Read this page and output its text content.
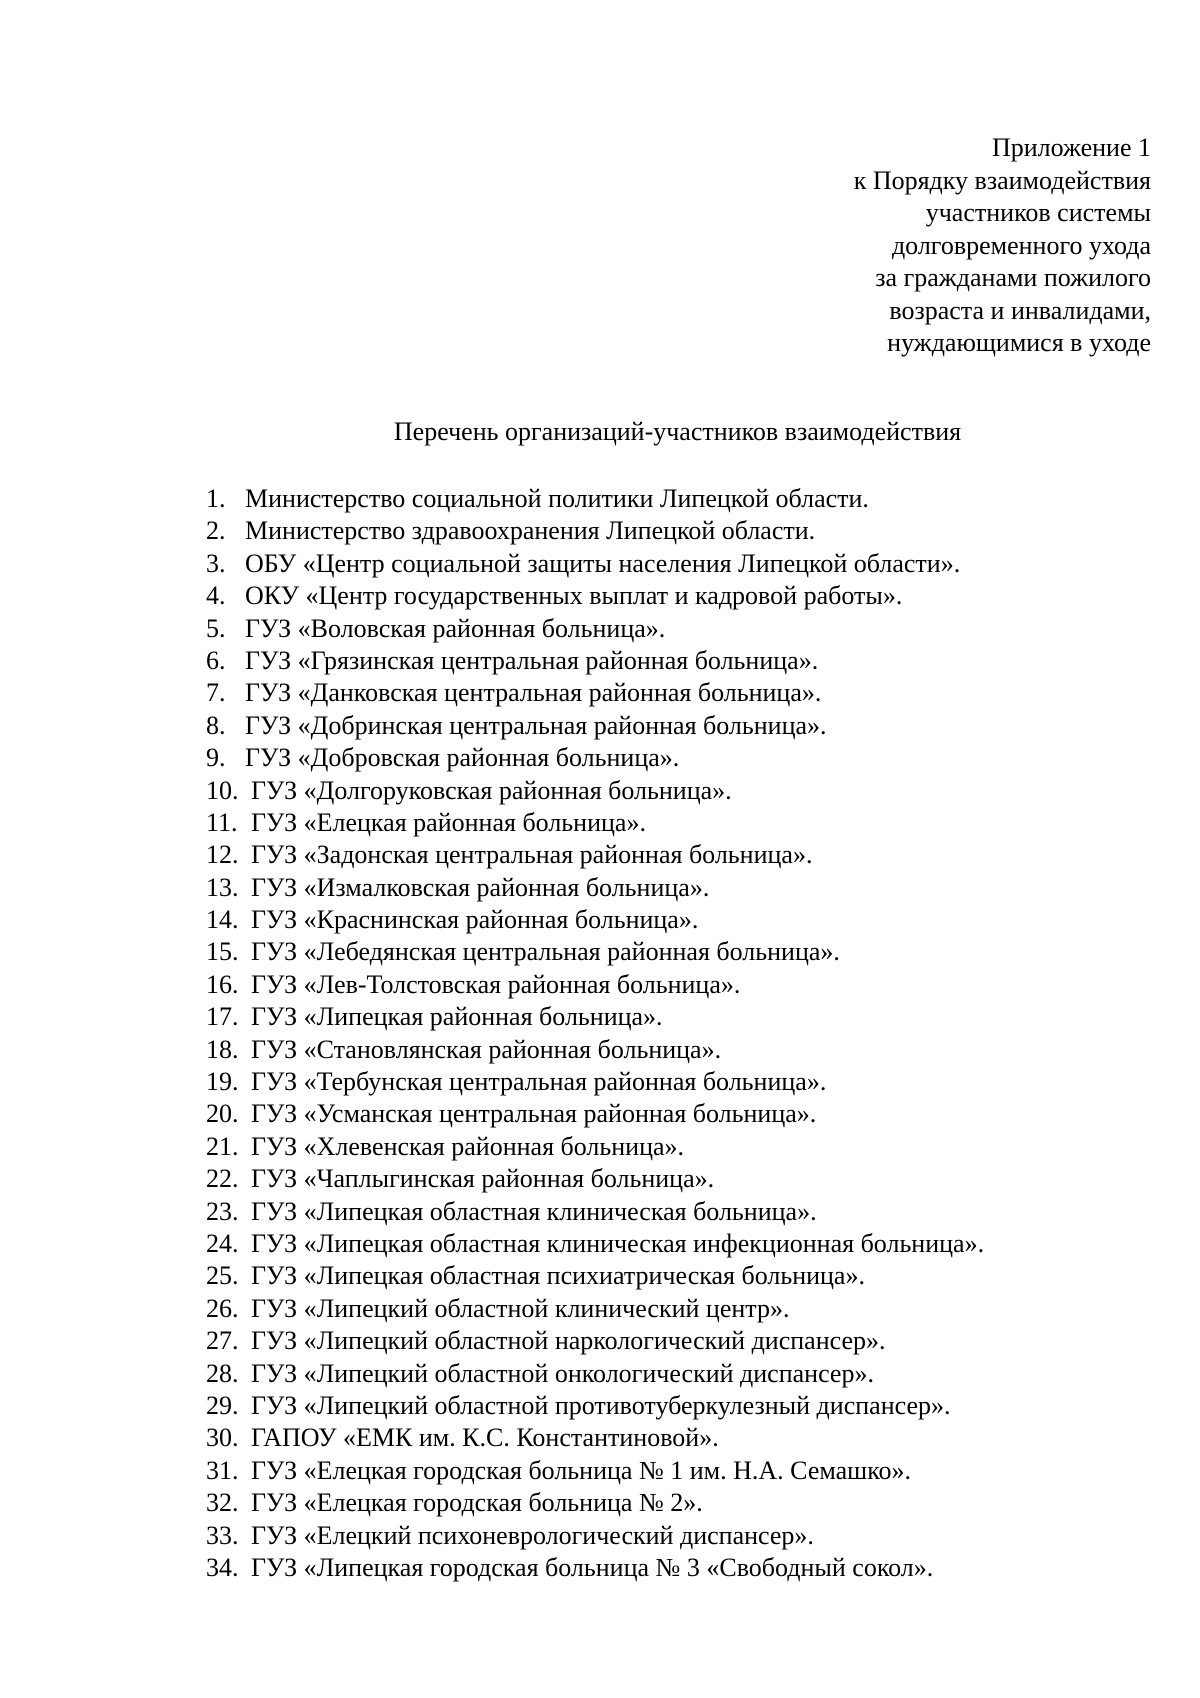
Приложение 1
к Порядку взаимодействия
участников системы
долговременного ухода
за гражданами пожилого
возраста и инвалидами,
нуждающимися в уходе
Перечень организаций-участников взаимодействия
1. Министерство социальной политики Липецкой области.
2. Министерство здравоохранения Липецкой области.
3. ОБУ «Центр социальной защиты населения Липецкой области».
4. ОКУ «Центр государственных выплат и кадровой работы».
5. ГУЗ «Воловская районная больница».
6. ГУЗ «Грязинская центральная районная больница».
7. ГУЗ «Данковская центральная районная больница».
8. ГУЗ «Добринская центральная районная больница».
9. ГУЗ «Добровская районная больница».
10. ГУЗ «Долгоруковская районная больница».
11. ГУЗ «Елецкая районная больница».
12. ГУЗ «Задонская центральная районная больница».
13. ГУЗ «Измалковская районная больница».
14. ГУЗ «Краснинская районная больница».
15. ГУЗ «Лебедянская центральная районная больница».
16. ГУЗ «Лев-Толстовская районная больница».
17. ГУЗ «Липецкая районная больница».
18. ГУЗ «Становлянская районная больница».
19. ГУЗ «Тербунская центральная районная больница».
20. ГУЗ «Усманская центральная районная больница».
21. ГУЗ «Хлевенская районная больница».
22. ГУЗ «Чаплыгинская районная больница».
23. ГУЗ «Липецкая областная клиническая больница».
24. ГУЗ «Липецкая областная клиническая инфекционная больница».
25. ГУЗ «Липецкая областная психиатрическая больница».
26. ГУЗ «Липецкий областной клинический центр».
27. ГУЗ «Липецкий областной наркологический диспансер».
28. ГУЗ «Липецкий областной онкологический диспансер».
29. ГУЗ «Липецкий областной противотуберкулезный диспансер».
30. ГАПОУ «ЕМК им. К.С. Константиновой».
31. ГУЗ «Елецкая городская больница № 1 им. Н.А. Семашко».
32. ГУЗ «Елецкая городская больница № 2».
33. ГУЗ «Елецкий психоневрологический диспансер».
34. ГУЗ «Липецкая городская больница № 3 «Свободный сокол».
